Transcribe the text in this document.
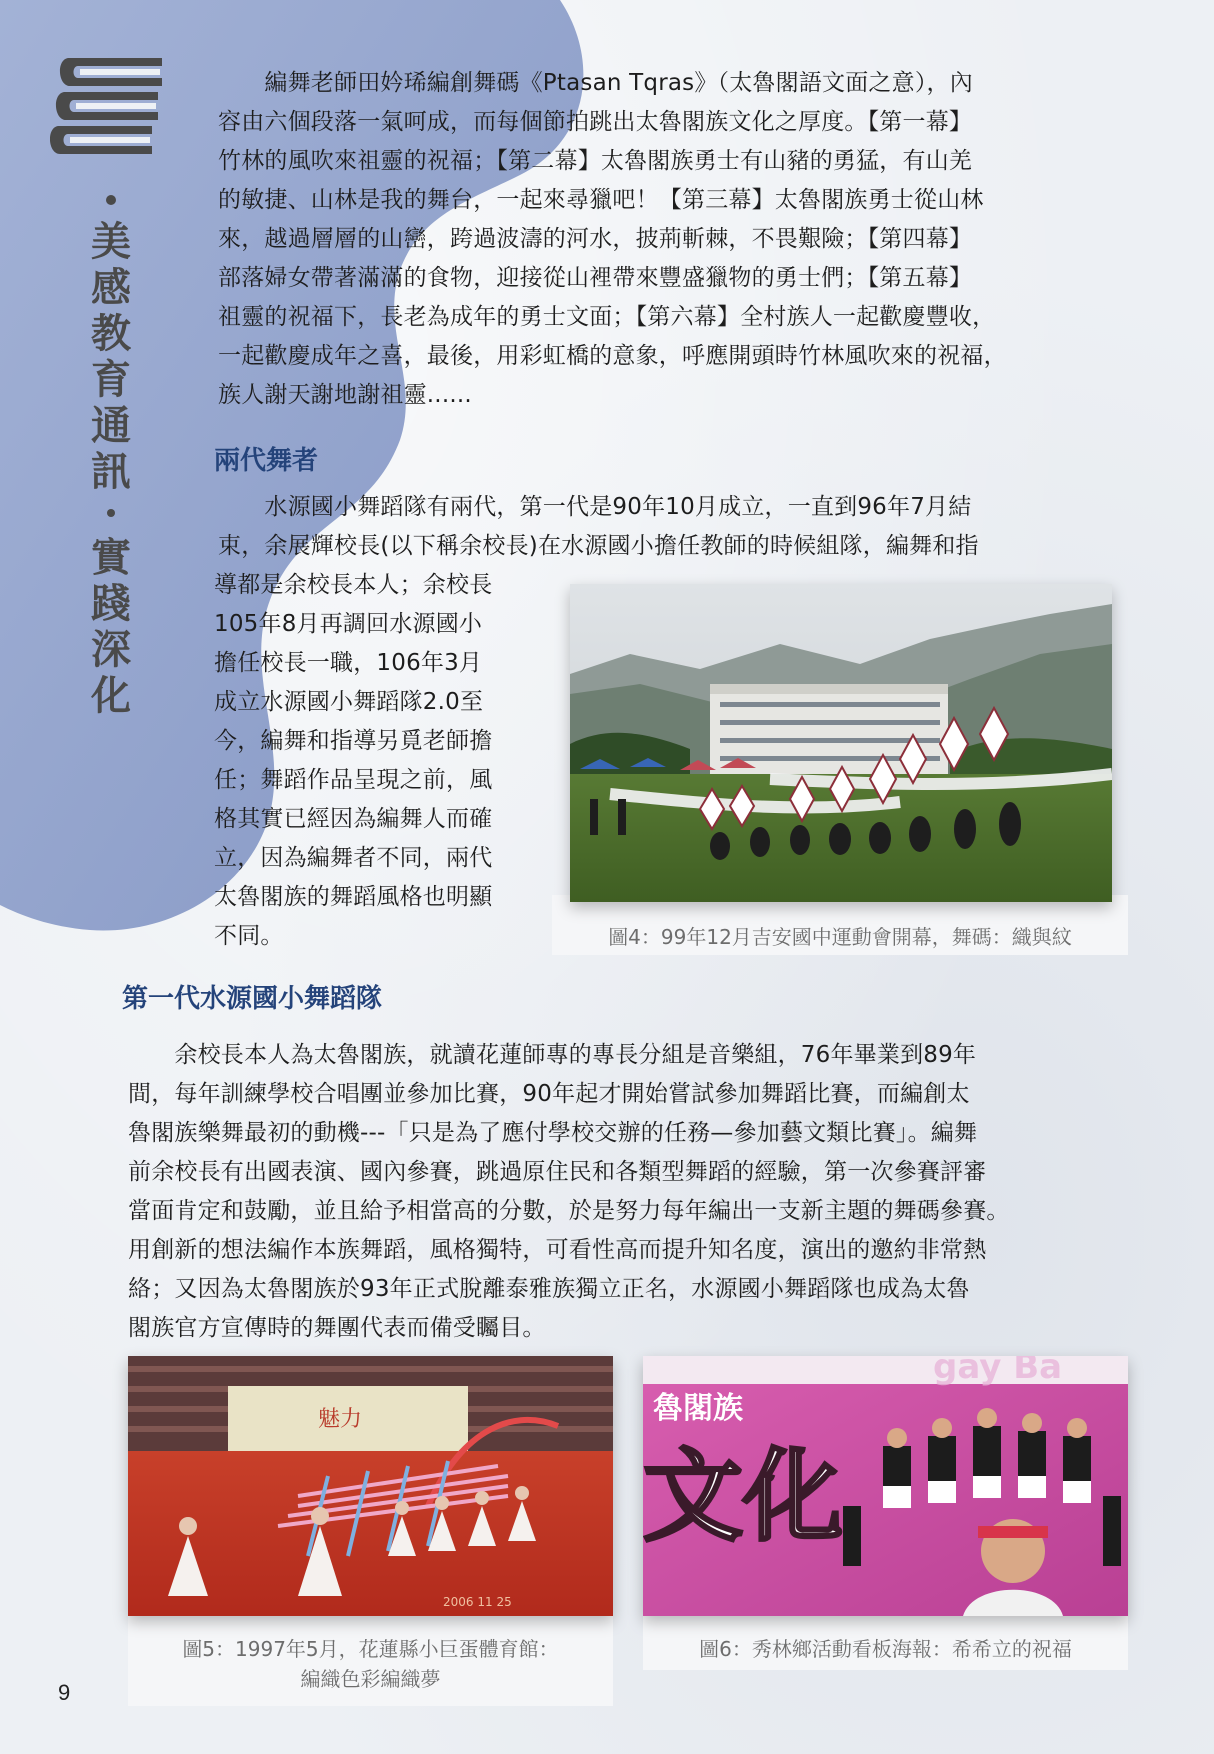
美
感
教
育
通
訊
實
踐
深
化
　　編舞老師田妗琋編創舞碼《Ptasan Tqras》（太魯閣語文面之意），內
容由六個段落一氣呵成，而每個節拍跳出太魯閣族文化之厚度。【第一幕】
竹林的風吹來祖靈的祝福；【第二幕】太魯閣族勇士有山豬的勇猛，有山羌
的敏捷、山林是我的舞台，一起來尋獵吧！【第三幕】太魯閣族勇士從山林
來，越過層層的山巒，跨過波濤的河水，披荊斬棘，不畏艱險；【第四幕】
部落婦女帶著滿滿的食物，迎接從山裡帶來豐盛獵物的勇士們；【第五幕】
祖靈的祝福下，長老為成年的勇士文面；【第六幕】全村族人一起歡慶豐收，
一起歡慶成年之喜，最後，用彩虹橋的意象，呼應開頭時竹林風吹來的祝福，
族人謝天謝地謝祖靈......
兩代舞者
　　水源國小舞蹈隊有兩代，第一代是90年10月成立，一直到96年7月結
束，余展輝校長(以下稱余校長)在水源國小擔任教師的時候組隊，編舞和指
導都是余校長本人；余校長
105年8月再調回水源國小
擔任校長一職，106年3月
成立水源國小舞蹈隊2.0至
今，編舞和指導另覓老師擔
任；舞蹈作品呈現之前，風
格其實已經因為編舞人而確
立，因為編舞者不同，兩代
太魯閣族的舞蹈風格也明顯
不同。	圖4：99年12月吉安國中運動會開幕，舞碼：織與紋
第一代水源國小舞蹈隊
　　余校長本人為太魯閣族，就讀花蓮師專的專長分組是音樂組，76年畢業到89年
間，每年訓練學校合唱團並參加比賽，90年起才開始嘗試參加舞蹈比賽，而編創太
魯閣族樂舞最初的動機---「只是為了應付學校交辦的任務—參加藝文類比賽」。編舞
前余校長有出國表演、國內參賽，跳過原住民和各類型舞蹈的經驗，第一次參賽評審
當面肯定和鼓勵，並且給予相當高的分數，於是努力每年編出一支新主題的舞碼參賽。
用創新的想法編作本族舞蹈，風格獨特，可看性高而提升知名度，演出的邀約非常熱
絡；又因為太魯閣族於93年正式脫離泰雅族獨立正名，水源國小舞蹈隊也成為太魯
閣族官方宣傳時的舞團代表而備受矚目。
魅力
2006 11 25
圖5：1997年5月，花蓮縣小巨蛋體育館：
編織色彩編織夢
gay Ba
魯閣族
文化
圖6：秀林鄉活動看板海報：希希立的祝福
9
